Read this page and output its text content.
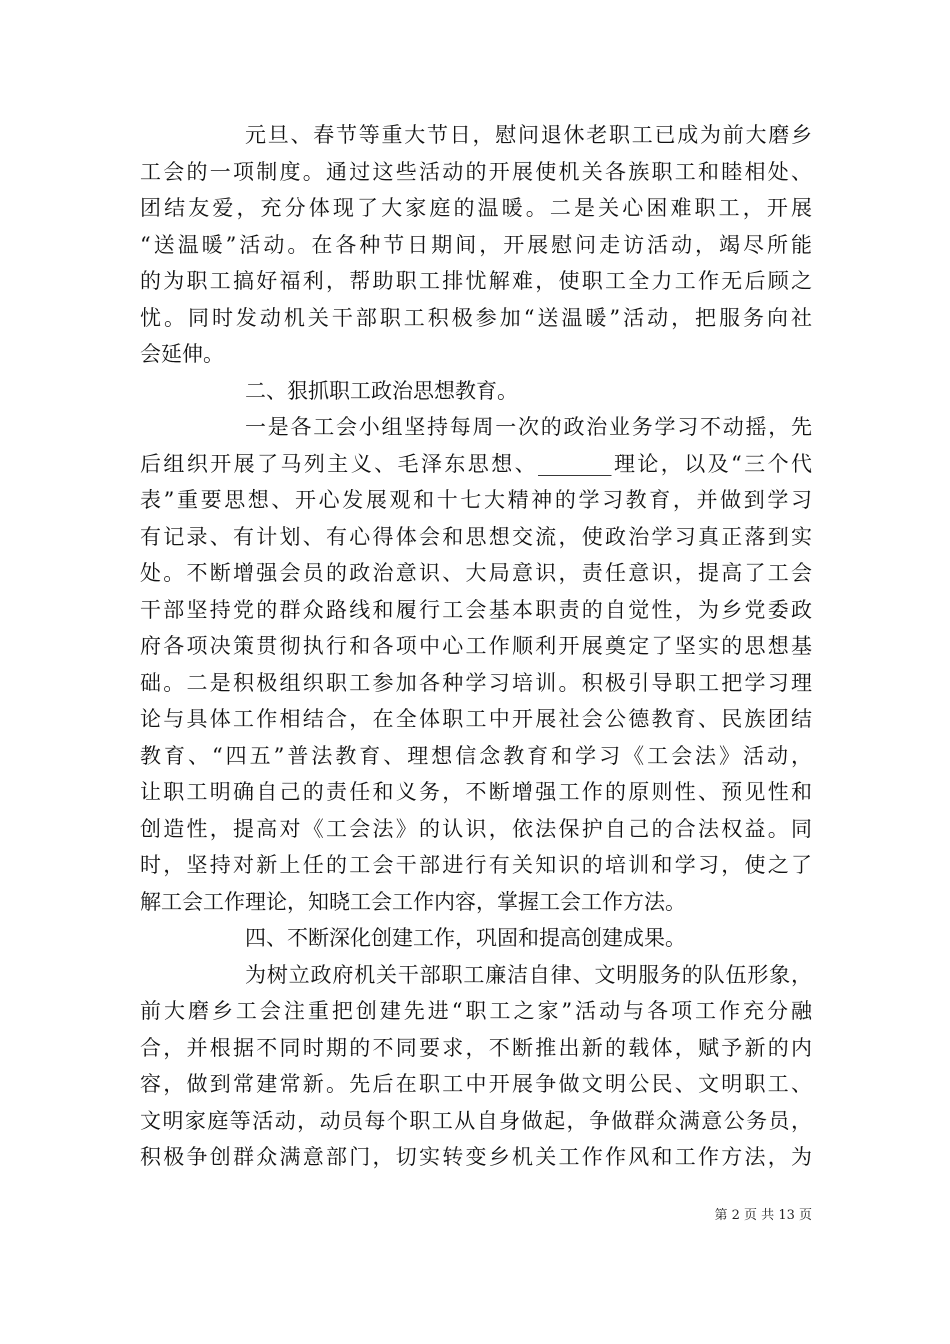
元旦、春节等重大节日，慰问退休老职工已成为前大磨乡
工会的一项制度。通过这些活动的开展使机关各族职工和睦相处、
团结友爱，充分体现了大家庭的温暖。二是关心困难职工，开展
“送温暖”活动。在各种节日期间，开展慰问走访活动，竭尽所能
的为职工搞好福利，帮助职工排忧解难，使职工全力工作无后顾之
忧。同时发动机关干部职工积极参加“送温暖”活动，把服务向社
会延伸。
二、狠抓职工政治思想教育。
一是各工会小组坚持每周一次的政治业务学习不动摇，先
后组织开展了马列主义、毛泽东思想、_______理论，以及“三个代
表”重要思想、开心发展观和十七大精神的学习教育，并做到学习
有记录、有计划、有心得体会和思想交流，使政治学习真正落到实
处。不断增强会员的政治意识、大局意识，责任意识，提高了工会
干部坚持党的群众路线和履行工会基本职责的自觉性，为乡党委政
府各项决策贯彻执行和各项中心工作顺利开展奠定了坚实的思想基
础。二是积极组织职工参加各种学习培训。积极引导职工把学习理
论与具体工作相结合，在全体职工中开展社会公德教育、民族团结
教育、“四五”普法教育、理想信念教育和学习《工会法》活动，
让职工明确自己的责任和义务，不断增强工作的原则性、预见性和
创造性，提高对《工会法》的认识，依法保护自己的合法权益。同
时，坚持对新上任的工会干部进行有关知识的培训和学习，使之了
解工会工作理论，知晓工会工作内容，掌握工会工作方法。
四、不断深化创建工作，巩固和提高创建成果。
为树立政府机关干部职工廉洁自律、文明服务的队伍形象，
前大磨乡工会注重把创建先进“职工之家”活动与各项工作充分融
合，并根据不同时期的不同要求，不断推出新的载体，赋予新的内
容，做到常建常新。先后在职工中开展争做文明公民、文明职工、
文明家庭等活动，动员每个职工从自身做起，争做群众满意公务员，
积极争创群众满意部门，切实转变乡机关工作作风和工作方法，为
第 2 页 共 13 页
